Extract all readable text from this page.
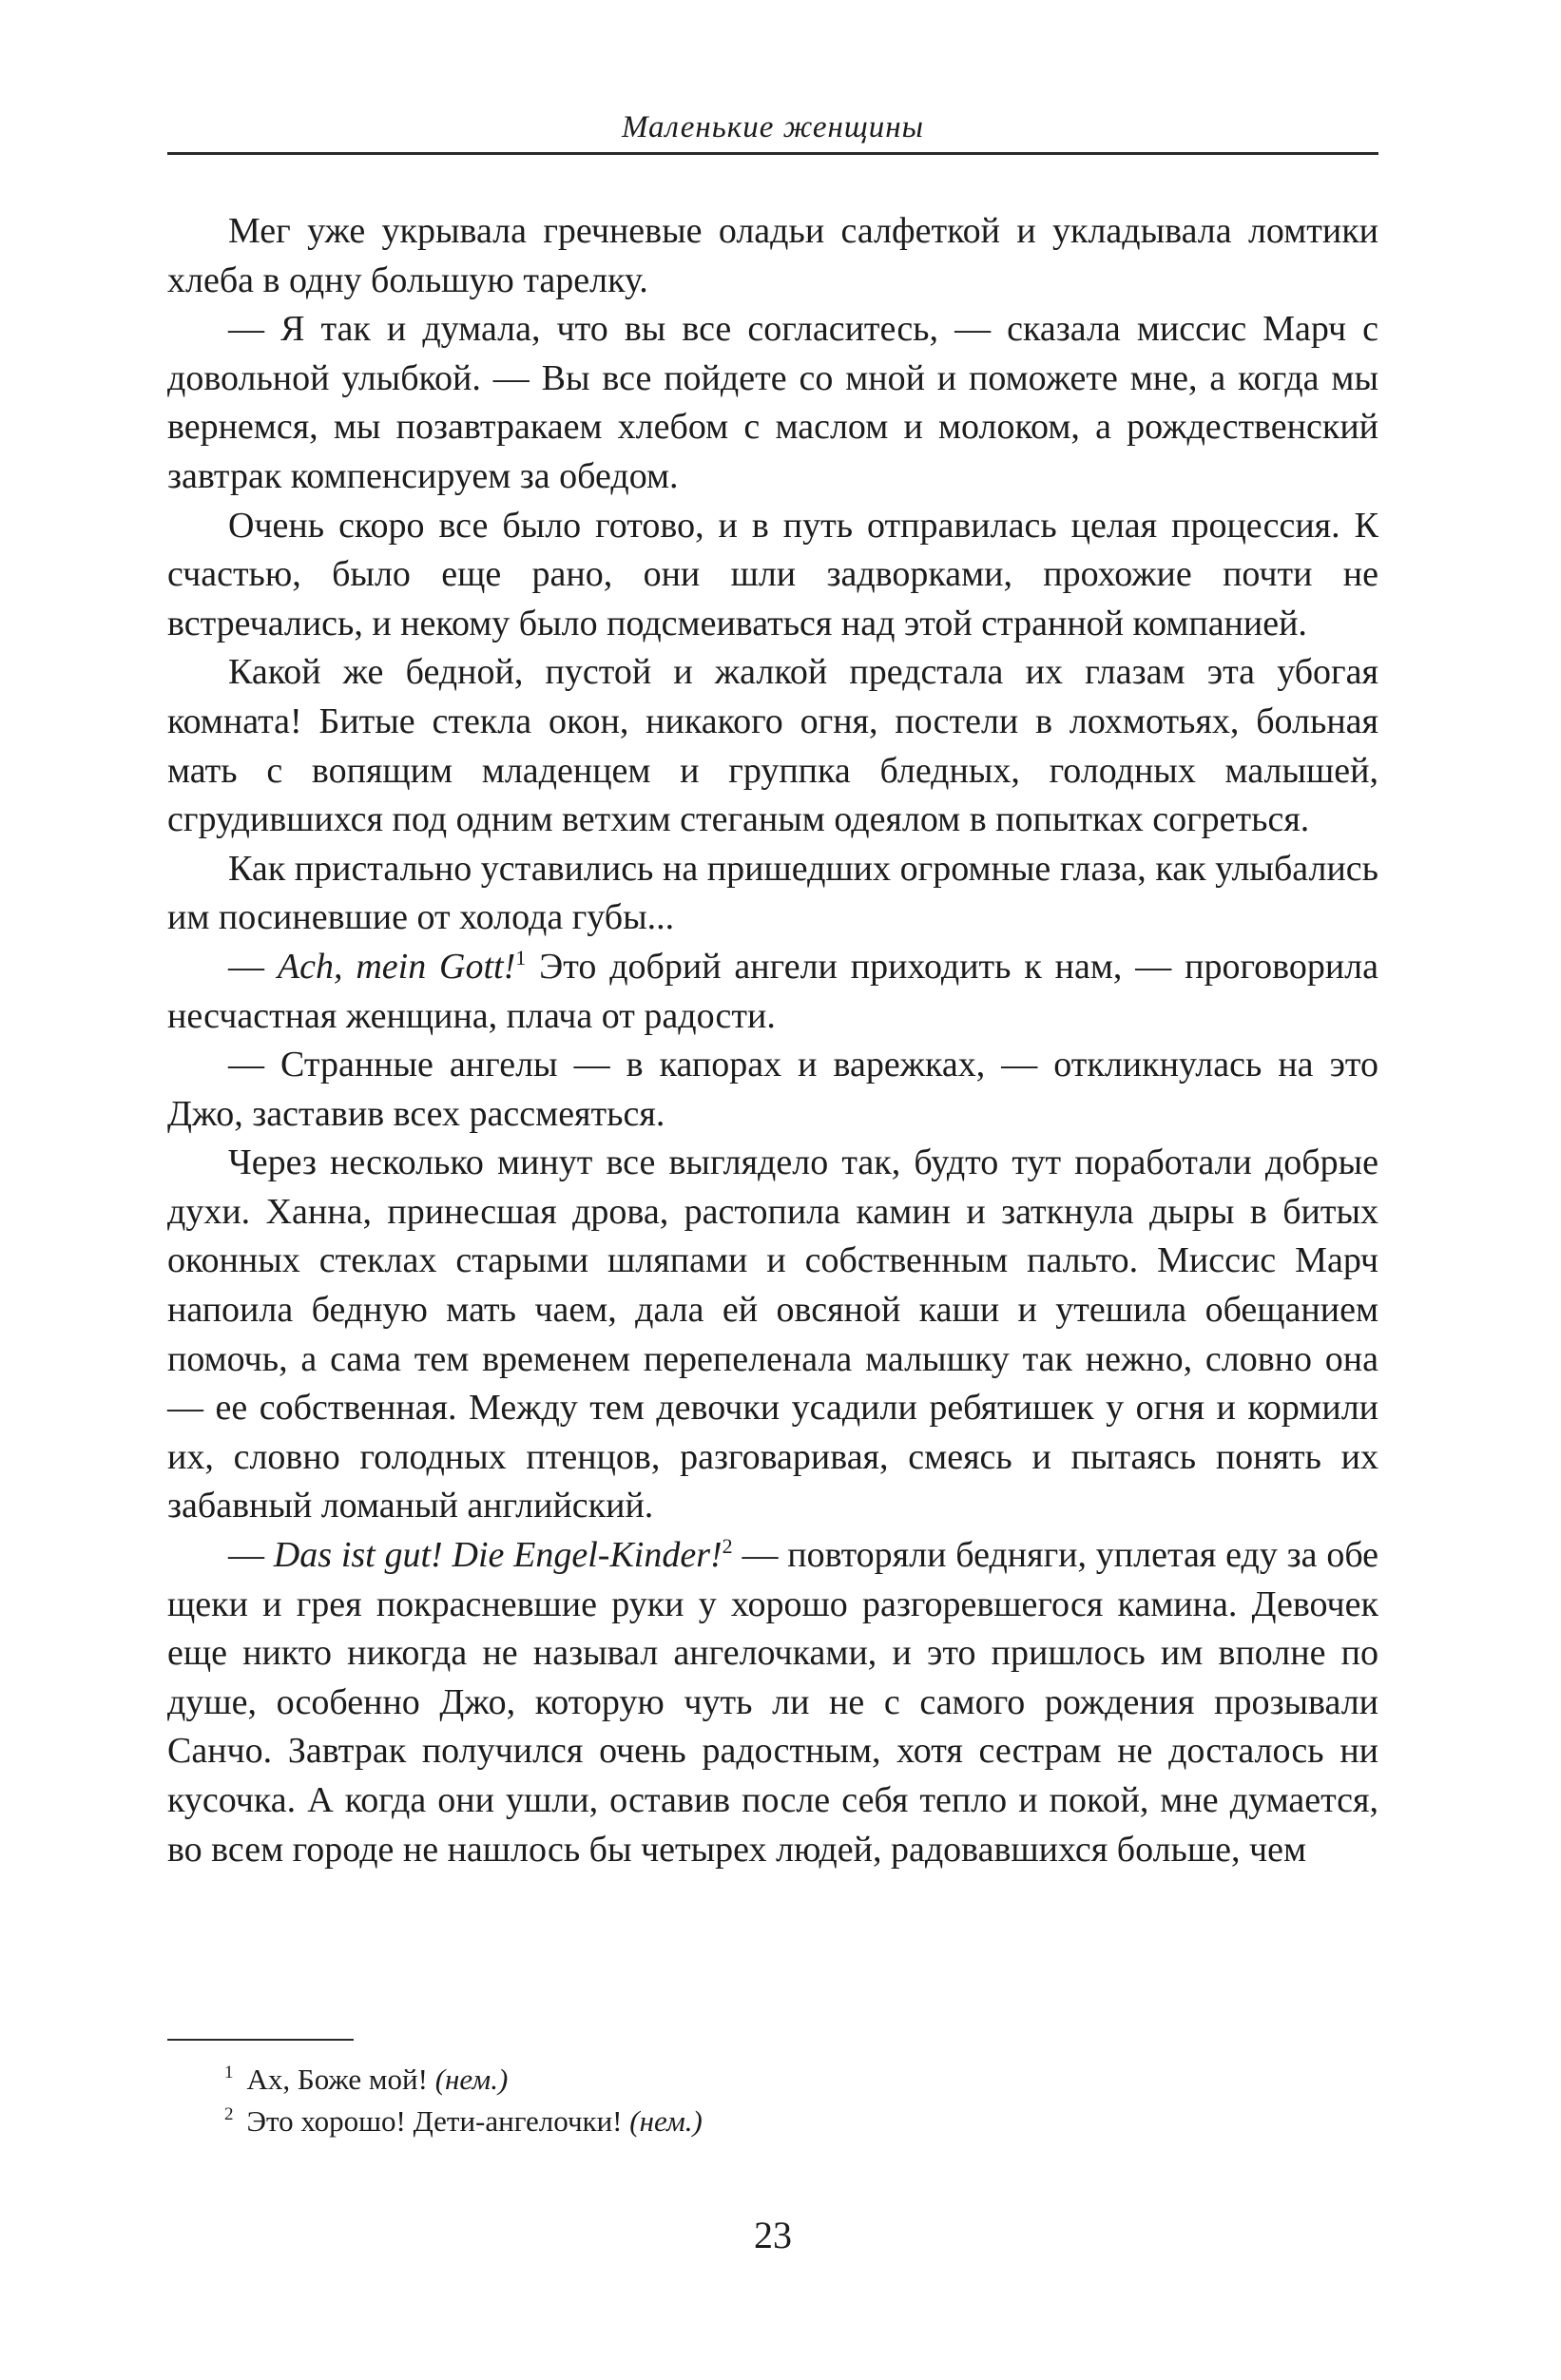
Маленькие женщины

Мег уже укрывала гречневые оладьи салфеткой и укладывала ломтики хлеба в одну большую тарелку.

— Я так и думала, что вы все согласитесь, — сказала миссис Марч с довольной улыбкой. — Вы все пойдете со мной и поможете мне, а когда мы вернемся, мы позавтракаем хлебом с маслом и молоком, а рождественский завтрак компенсируем за обедом.

Очень скоро все было готово, и в путь отправилась целая процессия. К счастью, было еще рано, они шли задворками, прохожие почти не встречались, и некому было подсмеиваться над этой странной компанией.

Какой же бедной, пустой и жалкой предстала их глазам эта убогая комната! Битые стекла окон, никакого огня, постели в лохмотьях, больная мать с вопящим младенцем и группка бледных, голодных малышей, сгрудившихся под одним ветхим стеганым одеялом в попытках согреться.

Как пристально уставились на пришедших огромные глаза, как улыбались им посиневшие от холода губы...

— Ach, mein Gott!$^1$ Это добрий ангели приходить к нам, — проговорила несчастная женщина, плача от радости.

— Странные ангелы — в капорах и варежках, — откликнулась на это Джо, заставив всех рассмеяться.

Через несколько минут все выглядело так, будто тут поработали добрые духи. Ханна, принесшая дрова, растопила камин и заткнула дыры в битых оконных стеклах старыми шляпами и собственным пальто. Миссис Марч напоила бедную мать чаем, дала ей овсяной каши и утешила обещанием помочь, а сама тем временем перепеленала малышку так нежно, словно она — ее собственная. Между тем девочки усадили ребятишек у огня и кормили их, словно голодных птенцов, разговаривая, смеясь и пытаясь понять их забавный ломаный английский.

— Das ist gut! Die Engel-Kinder!$^2$ — повторяли бедняги, уплетая еду за обе щеки и грея покрасневшие руки у хорошо разгоревшегося камина. Девочек еще никто никогда не называл ангелочками, и это пришлось им вполне по душе, особенно Джо, которую чуть ли не с самого рождения прозывали Санчо. Завтрак получился очень радостным, хотя сестрам не досталось ни кусочка. А когда они ушли, оставив после себя тепло и покой, мне думается, во всем городе не нашлось бы четырех людей, радовавшихся больше, чем

$^1$ Ах, Боже мой! (нем.)

$^2$ Это хорошо! Дети-ангелочки! (нем.)

23
